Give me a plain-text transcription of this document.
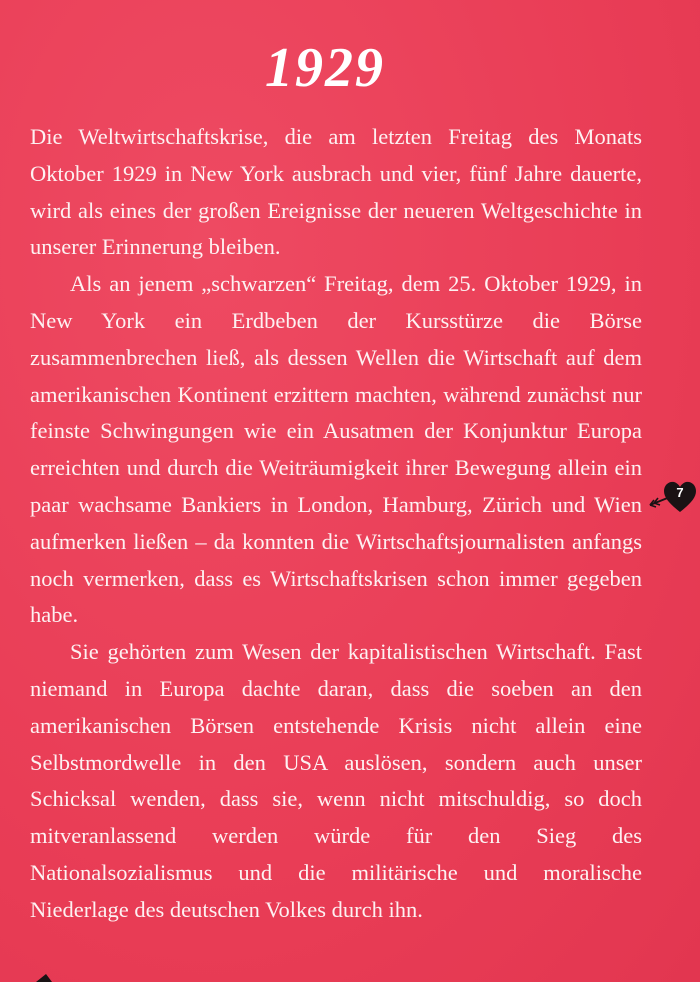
1929

Die Weltwirtschaftskrise, die am letzten Freitag des Monats Oktober 1929 in New York ausbrach und vier, fünf Jahre dauerte, wird als eines der großen Ereignisse der neueren Weltgeschichte in unserer Erinnerung bleiben.

Als an jenem „schwarzen“ Freitag, dem 25. Oktober 1929, in New York ein Erdbeben der Kursstürze die Börse zusammenbrechen ließ, als dessen Wellen die Wirtschaft auf dem amerikanischen Kontinent erzittern machten, während zunächst nur feinste Schwingungen wie ein Ausatmen der Konjunktur Europa erreichten und durch die Weiträumigkeit ihrer Bewegung allein ein paar wachsame Bankiers in London, Hamburg, Zürich und Wien aufmerken ließen – da konnten die Wirtschaftsjournalisten anfangs noch vermerken, dass es Wirtschaftskrisen schon immer gegeben habe.

Sie gehörten zum Wesen der kapitalistischen Wirtschaft. Fast niemand in Europa dachte daran, dass die soeben an den amerikanischen Börsen entstehende Krisis nicht allein eine Selbstmordwelle in den USA auslösen, sondern auch unser Schicksal wenden, dass sie, wenn nicht mitschuldig, so doch mitveranlassend werden würde für den Sieg des Nationalsozialismus und die militärische und moralische Niederlage des deutschen Volkes durch ihn.

7
